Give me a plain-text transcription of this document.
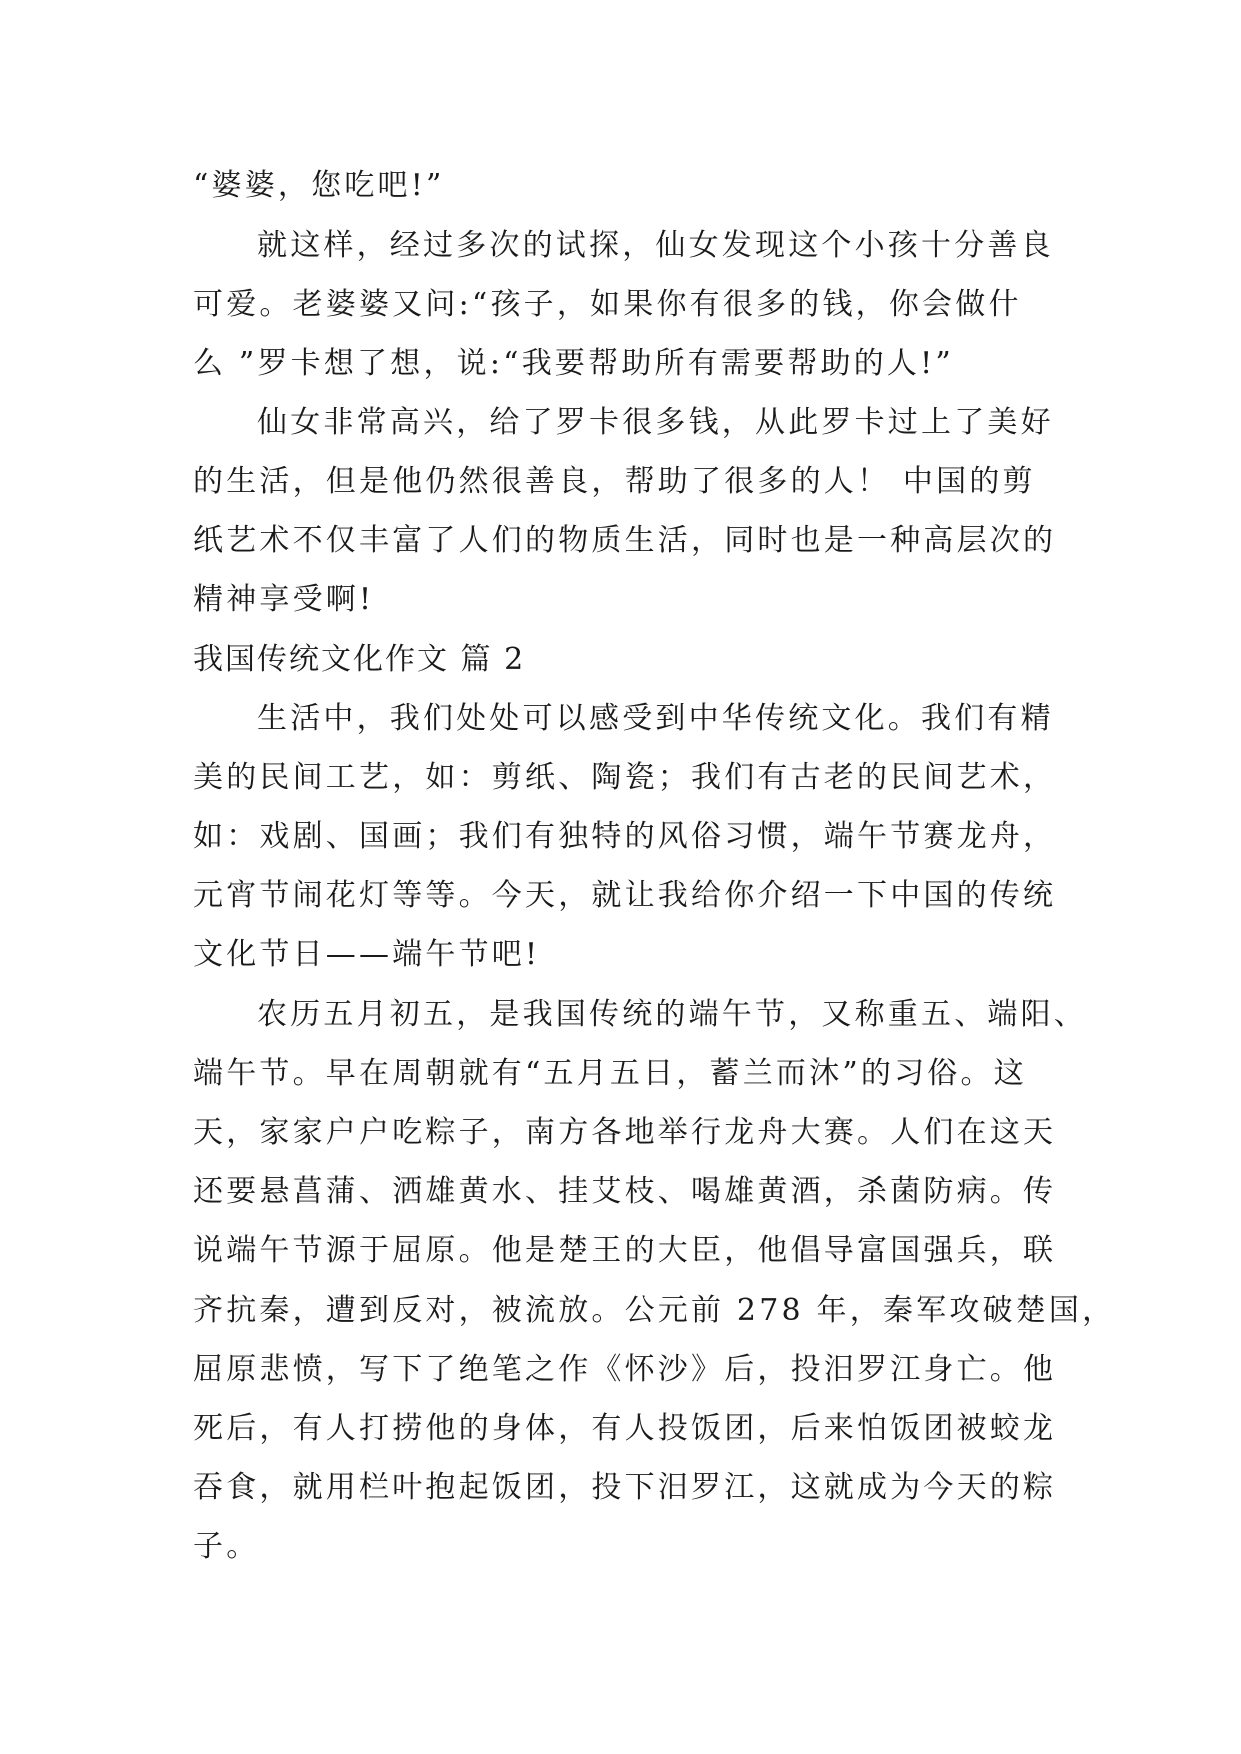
“婆婆，您吃吧!”
就这样，经过多次的试探，仙女发现这个小孩十分善良
可爱。老婆婆又问:“孩子，如果你有很多的钱，你会做什
么 ”罗卡想了想，说:“我要帮助所有需要帮助的人!”
仙女非常高兴，给了罗卡很多钱，从此罗卡过上了美好
的生活，但是他仍然很善良，帮助了很多的人！ 中国的剪
纸艺术不仅丰富了人们的物质生活，同时也是一种高层次的
精神享受啊!
我国传统文化作文 篇 2
生活中，我们处处可以感受到中华传统文化。我们有精
美的民间工艺，如：剪纸、陶瓷；我们有古老的民间艺术，
如：戏剧、国画；我们有独特的风俗习惯，端午节赛龙舟，
元宵节闹花灯等等。今天，就让我给你介绍一下中国的传统
文化节日——端午节吧!
农历五月初五，是我国传统的端午节，又称重五、端阳、
端午节。早在周朝就有“五月五日，蓄兰而沐”的习俗。这
天，家家户户吃粽子，南方各地举行龙舟大赛。人们在这天
还要悬菖蒲、洒雄黄水、挂艾枝、喝雄黄酒，杀菌防病。传
说端午节源于屈原。他是楚王的大臣，他倡导富国强兵，联
齐抗秦，遭到反对，被流放。公元前 278 年，秦军攻破楚国，
屈原悲愤，写下了绝笔之作《怀沙》后，投汨罗江身亡。他
死后，有人打捞他的身体，有人投饭团，后来怕饭团被蛟龙
吞食，就用栏叶抱起饭团，投下汨罗江，这就成为今天的粽
子。
